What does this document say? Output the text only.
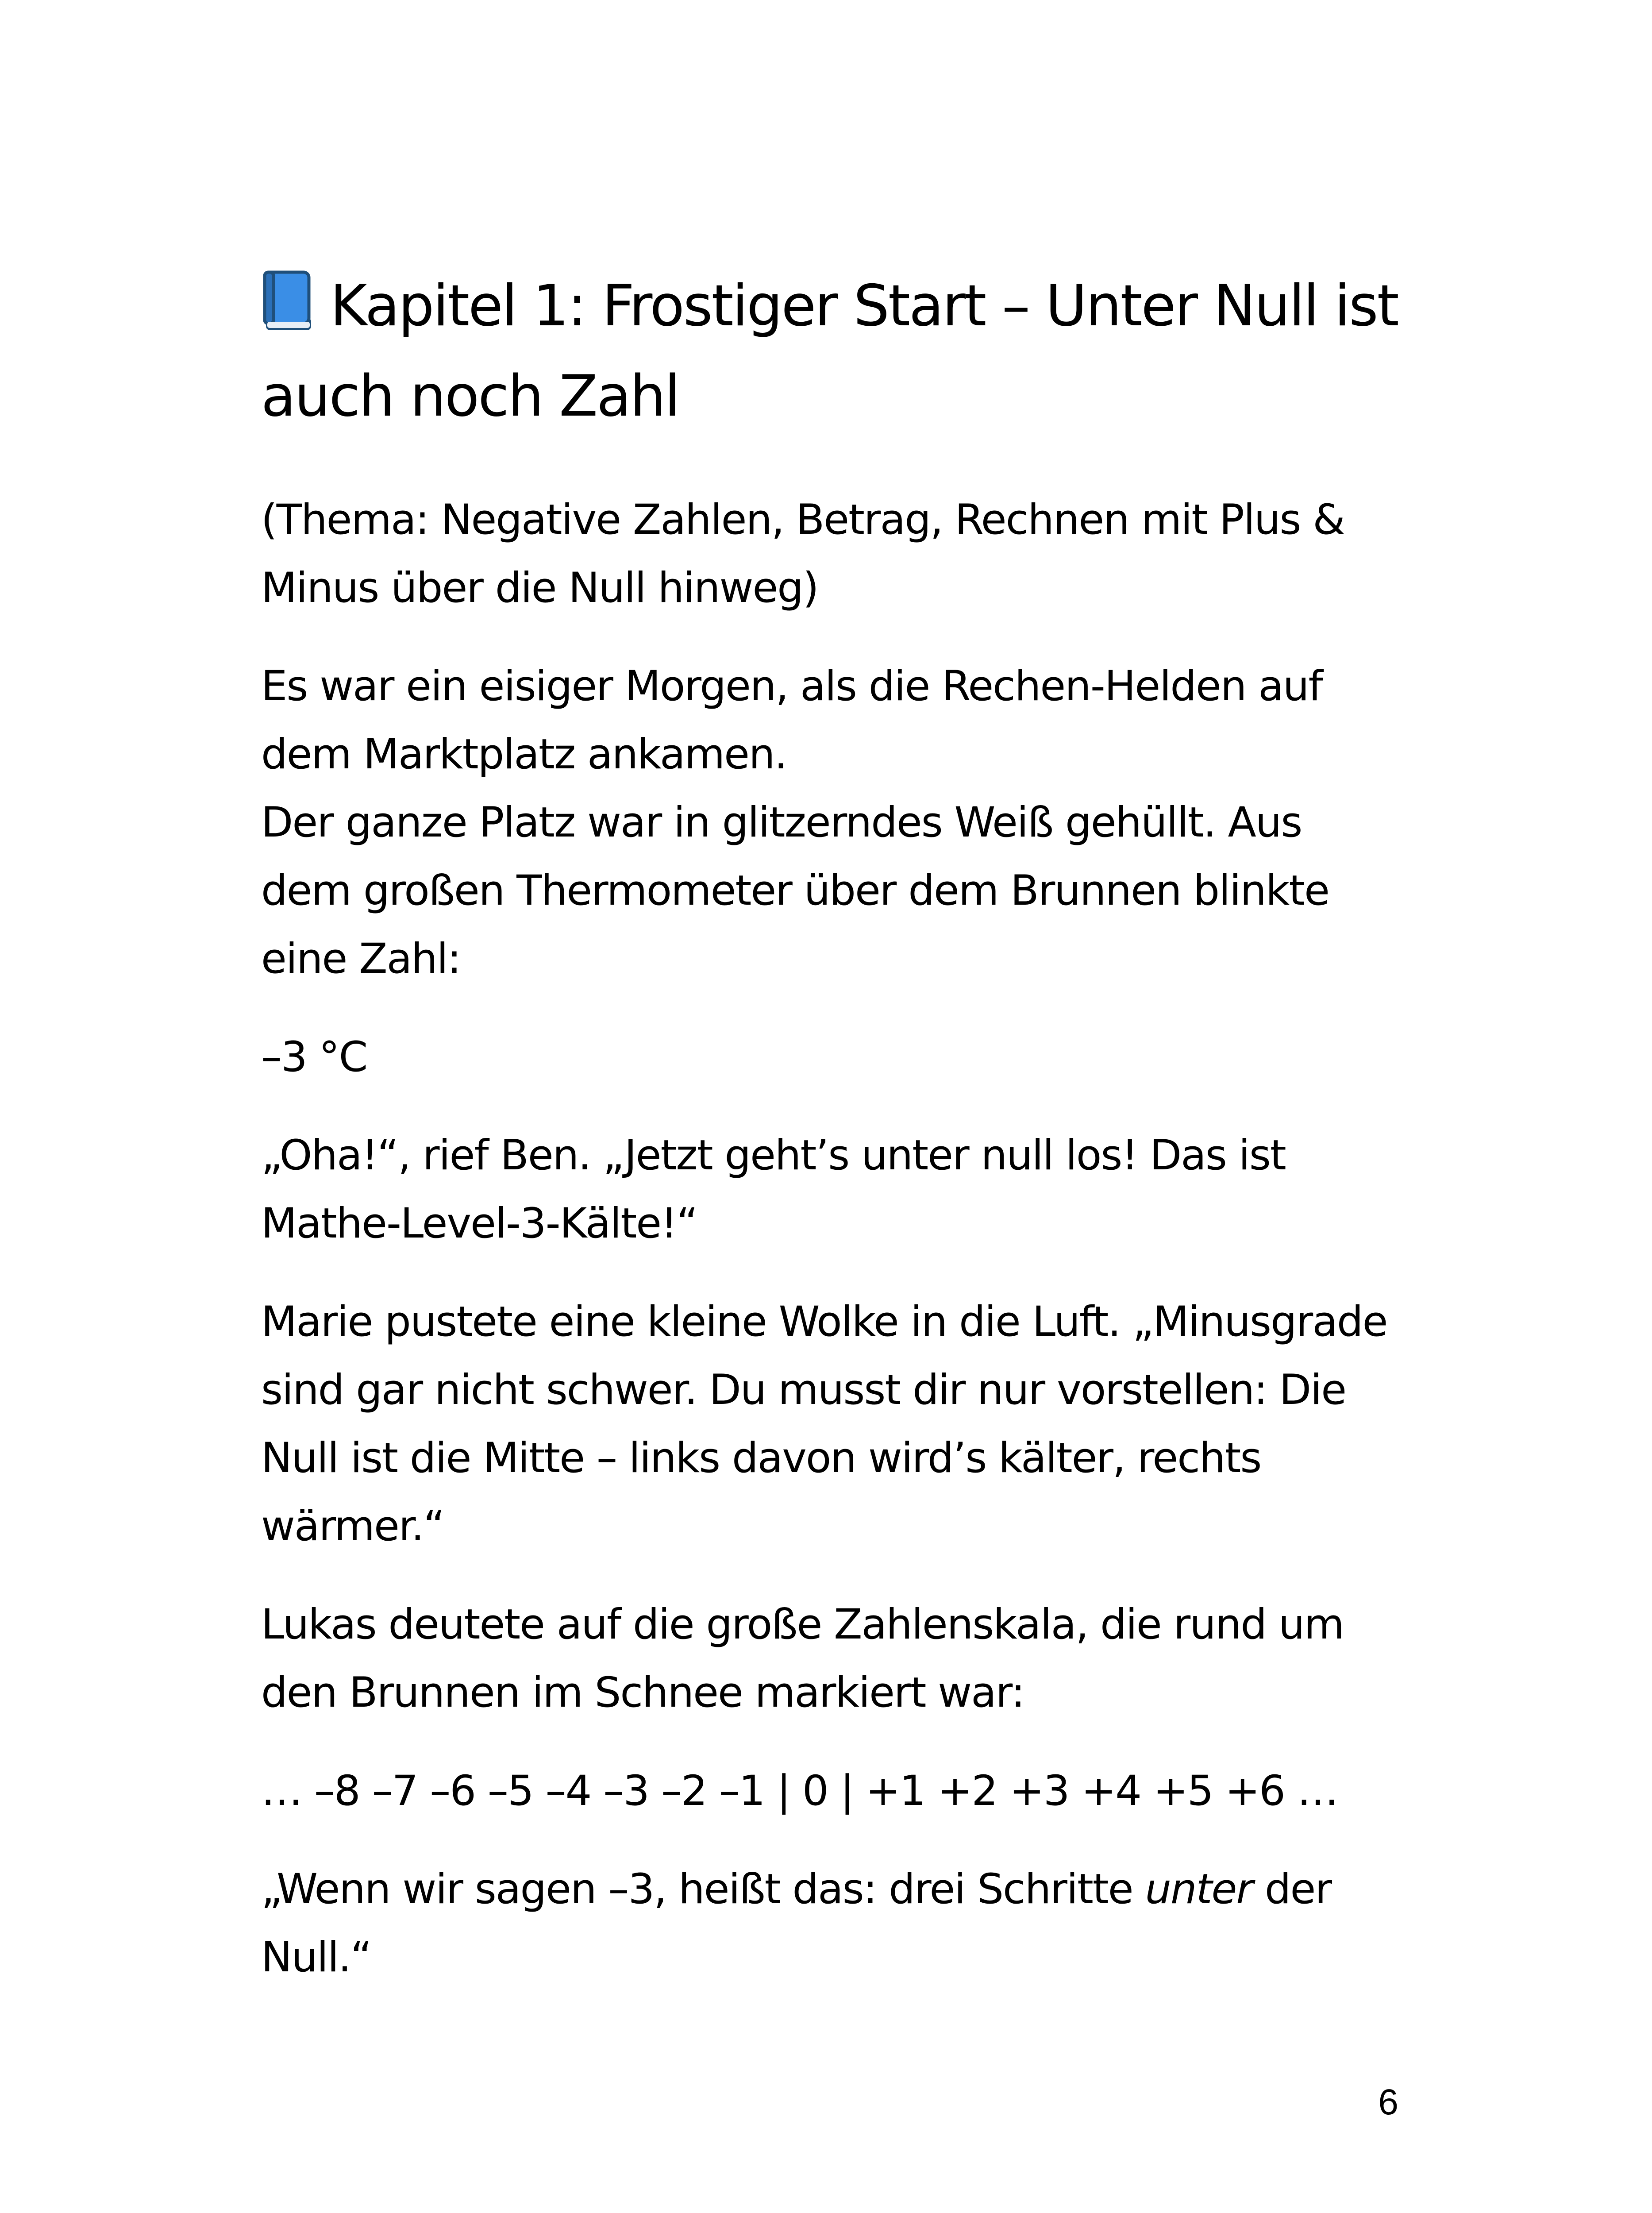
Kapitel 1: Frostiger Start – Unter Null ist
auch noch Zahl

(Thema: Negative Zahlen, Betrag, Rechnen mit Plus & Minus über die Null hinweg)

Es war ein eisiger Morgen, als die Rechen-Helden auf dem Marktplatz ankamen.
Der ganze Platz war in glitzerndes Weiß gehüllt. Aus dem großen Thermometer über dem Brunnen blinkte eine Zahl:

–3 °C

„Oha!“, rief Ben. „Jetzt geht’s unter null los! Das ist Mathe-Level-3-Kälte!“

Marie pustete eine kleine Wolke in die Luft. „Minusgrade sind gar nicht schwer. Du musst dir nur vorstellen: Die Null ist die Mitte – links davon wird’s kälter, rechts wärmer.“

Lukas deutete auf die große Zahlenskala, die rund um den Brunnen im Schnee markiert war:

… –8 –7 –6 –5 –4 –3 –2 –1 | 0 | +1 +2 +3 +4 +5 +6 …

„Wenn wir sagen –3, heißt das: drei Schritte unter der Null.“

6
